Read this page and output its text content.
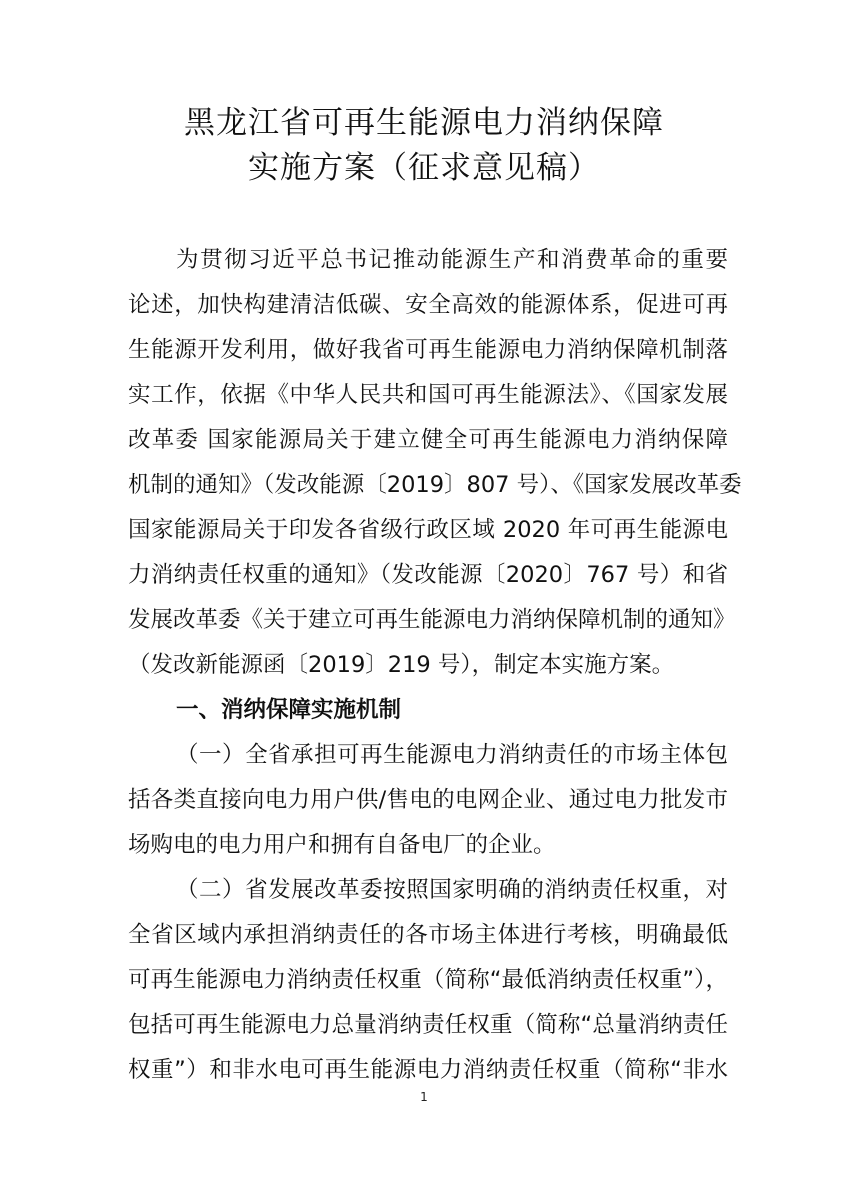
黑龙江省可再生能源电力消纳保障
实施方案（征求意见稿）
为贯彻习近平总书记推动能源生产和消费革命的重要
论述，加快构建清洁低碳、安全高效的能源体系，促进可再
生能源开发利用，做好我省可再生能源电力消纳保障机制落
实工作，依据《中华人民共和国可再生能源法》、《国家发展
改革委 国家能源局关于建立健全可再生能源电力消纳保障
机制的通知》（发改能源〔2019〕807 号）、《国家发展改革委
国家能源局关于印发各省级行政区域 2020 年可再生能源电
力消纳责任权重的通知》（发改能源〔2020〕767 号）和省
发展改革委《关于建立可再生能源电力消纳保障机制的通知》
（发改新能源函〔2019〕219 号），制定本实施方案。
一、消纳保障实施机制
（一）全省承担可再生能源电力消纳责任的市场主体包
括各类直接向电力用户供/售电的电网企业、通过电力批发市
场购电的电力用户和拥有自备电厂的企业。
（二）省发展改革委按照国家明确的消纳责任权重，对
全省区域内承担消纳责任的各市场主体进行考核，明确最低
可再生能源电力消纳责任权重（简称“最低消纳责任权重”），
包括可再生能源电力总量消纳责任权重（简称“总量消纳责任
权重”）和非水电可再生能源电力消纳责任权重（简称“非水
1
